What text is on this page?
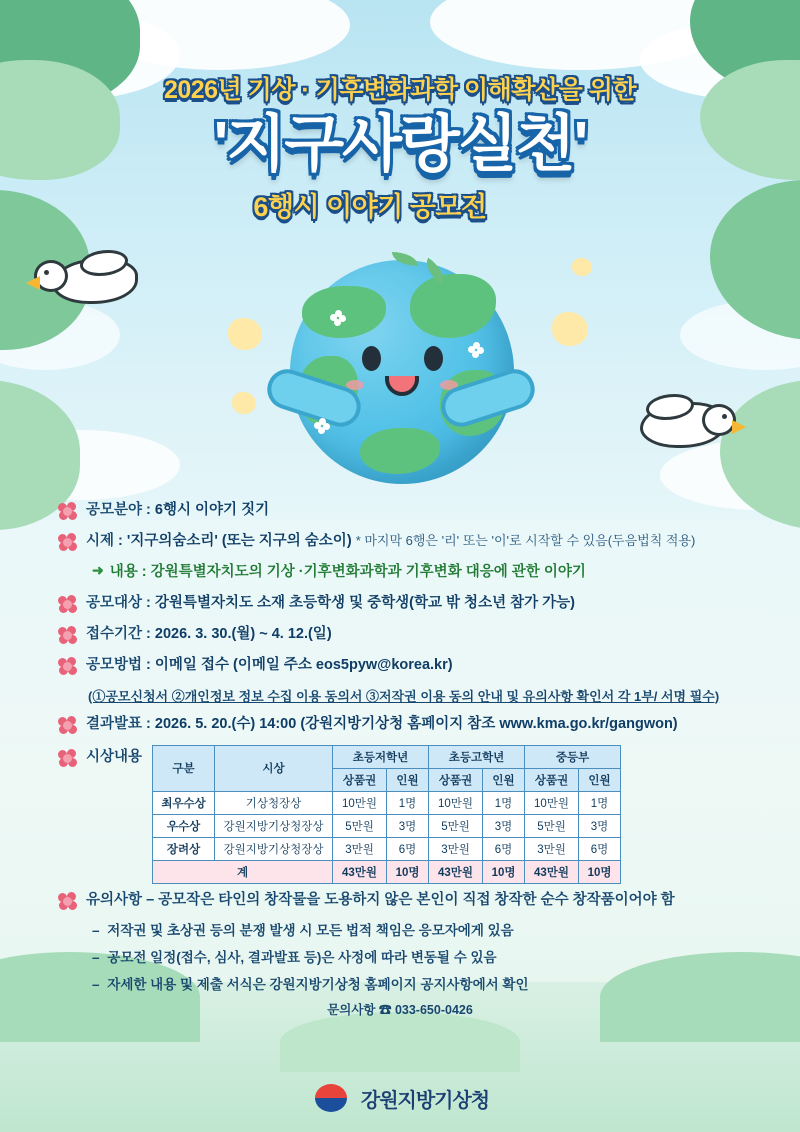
2026년 기상 · 기후변화과학 이해확산을 위한
'지구사랑실천'
6행시 이야기 공모전
공모분야 : 6행시 이야기 짓기
시제 : '지구의숨소리' (또는 지구의 숨소이) * 마지막 6행은 '리' 또는 '이'로 시작할 수 있음(두음법칙 적용)
➜ 내용 : 강원특별자치도의 기상 ·기후변화과학과 기후변화 대응에 관한 이야기
공모대상 : 강원특별자치도 소재 초등학생 및 중학생(학교 밖 청소년 참가 가능)
접수기간 : 2026. 3. 30.(월) ~ 4. 12.(일)
공모방법 : 이메일 접수 (이메일 주소 eos5pyw@korea.kr)
(①공모신청서 ②개인정보 정보 수집 이용 동의서 ③저작권 이용 동의 안내 및 유의사항 확인서 각 1부/ 서명 필수)
결과발표 : 2026. 5. 20.(수) 14:00 (강원지방기상청 홈페이지 참조 www.kma.go.kr/gangwon)
시상내용
구분	시상	초등저학년		초등고학년		중등부	
		상품권	인원	상품권	인원	상품권	인원
최우수상	기상청장상	10만원	1명	10만원	1명	10만원	1명
우수상	강원지방기상청장상	5만원	3명	5만원	3명	5만원	3명
장려상	강원지방기상청장상	3만원	6명	3만원	6명	3만원	6명
계		43만원	10명	43만원	10명	43만원	10명
유의사항 – 공모작은 타인의 창작물을 도용하지 않은 본인이 직접 창작한 순수 창작품이어야 함
– 저작권 및 초상권 등의 분쟁 발생 시 모든 법적 책임은 응모자에게 있음
– 공모전 일정(접수, 심사, 결과발표 등)은 사정에 따라 변동될 수 있음
– 자세한 내용 및 제출 서식은 강원지방기상청 홈페이지 공지사항에서 확인
문의사항 ☎ 033-650-0426
강원지방기상청
